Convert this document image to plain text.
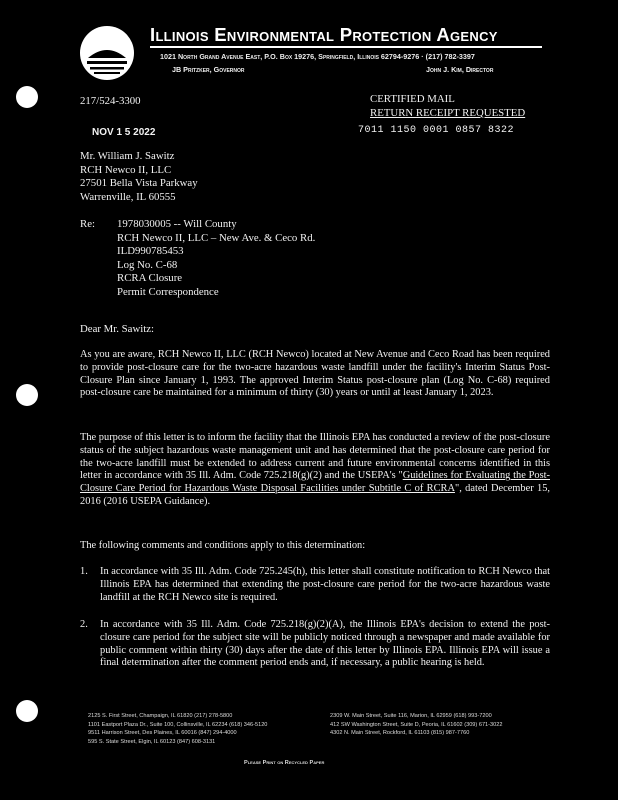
Illinois Environmental Protection Agency
1021 North Grand Avenue East, P.O. Box 19276, Springfield, Illinois 62794-9276 · (217) 782-3397
JB Pritzker, Governor	John J. Kim, Director
217/524-3300	CERTIFIED MAIL
RETURN RECEIPT REQUESTED
7011 1150 0001 0857 8322
NOV 1 5 2022
Mr. William J. Sawitz
RCH Newco II, LLC
27501 Bella Vista Parkway
Warrenville, IL 60555
Re: 1978030005 -- Will County
RCH Newco II, LLC – New Ave. & Ceco Rd.
ILD990785453
Log No. C-68
RCRA Closure
Permit Correspondence
Dear Mr. Sawitz:
As you are aware, RCH Newco II, LLC (RCH Newco) located at New Avenue and Ceco Road has been required to provide post-closure care for the two-acre hazardous waste landfill under the facility's Interim Status Post-Closure Plan since January 1, 1993. The approved Interim Status post-closure plan (Log No. C-68) required post-closure care be maintained for a minimum of thirty (30) years or until at least January 1, 2023.
The purpose of this letter is to inform the facility that the Illinois EPA has conducted a review of the post-closure status of the subject hazardous waste management unit and has determined that the post-closure care period for the two-acre landfill must be extended to address current and future environmental concerns identified in this letter in accordance with 35 Ill. Adm. Code 725.218(g)(2) and the USEPA's "Guidelines for Evaluating the Post-Closure Care Period for Hazardous Waste Disposal Facilities under Subtitle C of RCRA", dated December 15, 2016 (2016 USEPA Guidance).
The following comments and conditions apply to this determination:
1. In accordance with 35 Ill. Adm. Code 725.245(h), this letter shall constitute notification to RCH Newco that Illinois EPA has determined that extending the post-closure care period for the two-acre hazardous waste landfill at the RCH Newco site is required.
2. In accordance with 35 Ill. Adm. Code 725.218(g)(2)(A), the Illinois EPA's decision to extend the post-closure care period for the subject site will be publicly noticed through a newspaper and made available for public comment within thirty (30) days after the date of this letter by Illinois EPA. Illinois EPA will issue a final determination after the comment period ends and, if necessary, a public hearing is held.
2125 S. First Street, Champaign, IL 61820 (217) 278-5800
1101 Eastport Plaza Dr., Suite 100, Collinsville, IL 62234 (618) 346-5120
9511 Harrison Street, Des Plaines, IL 60016 (847) 294-4000
595 S. State Street, Elgin, IL 60123 (847) 608-3131
2309 W. Main Street, Suite 116, Marion, IL 62959 (618) 993-7200
412 SW Washington Street, Suite D, Peoria, IL 61602 (309) 671-3022
4302 N. Main Street, Rockford, IL 61103 (815) 987-7760
Please Print on Recycled Paper
